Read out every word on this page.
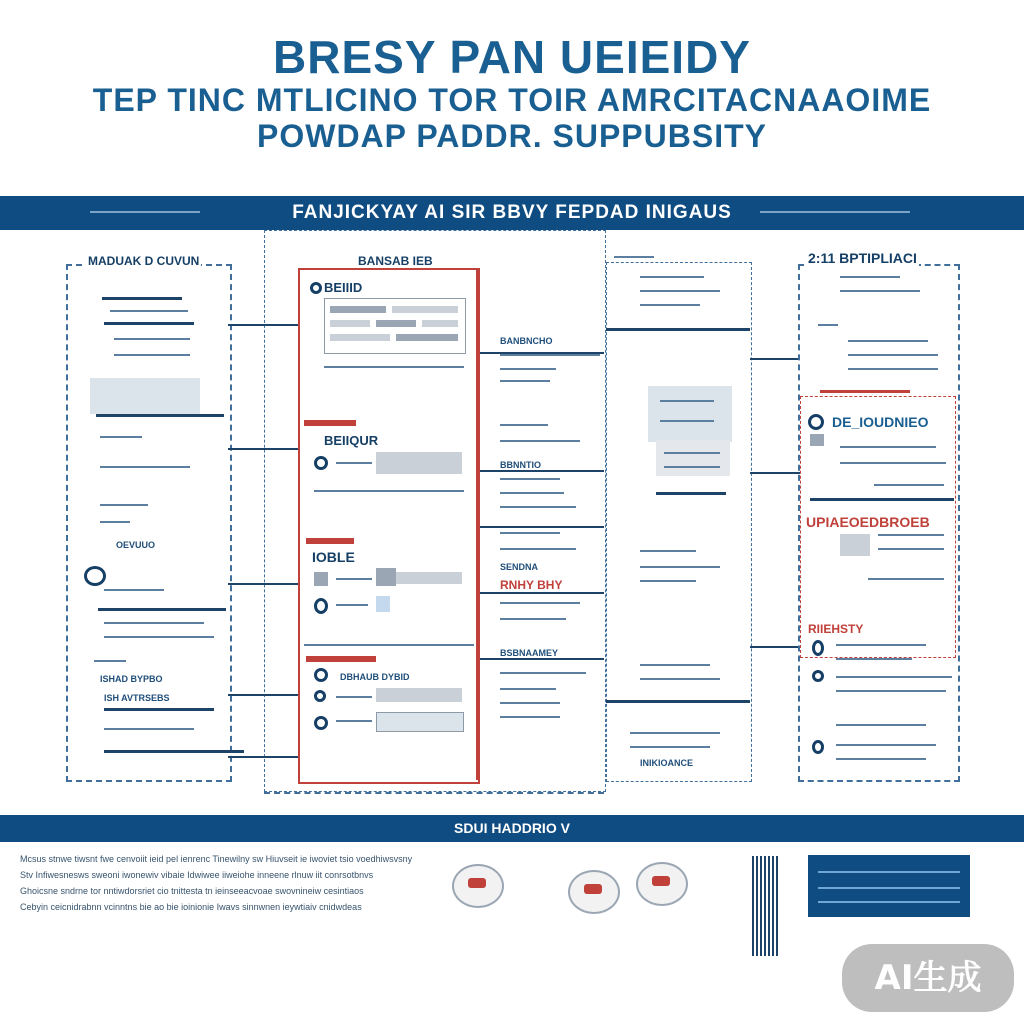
BRESY PAN UEIEIDY
TEP TINC MTLICINO TOR TOIR AMRCITACNAAOIME
POWDAP PADDR. SUPPUBSITY
FANJICKYAY AI SIR BBVY FEPDAD INIGAUS
MADUAK D CUVUN
OEVUUO
ISHAD BYPBO
ISH AVTRSEBS
BANSAB IEB
BEIIID
BEIIQUR
IOBLE
DBHAUB DYBID
BANBNCHO
BBNNTIO
SENDNA
RNHY BHY
BSBNAAMEY
INIKIOANCE
2:11 BPTIPLIACI
DE_IOUDNIEO
UPIAEOEDBROEB
RIIEHSTY
SDUI HADDRIO V
Mcsus stnwe tiwsnt fwe cenvoiit ieid pel ienrenc Tinewilny sw Hiuvseit ie iwoviet tsio voedhiwsvsny
Stv Infiwesnesws sweoni iwonewiv vibaie Idwiwee iiweiohe inneene rlnuw iit conrsotbnvs
Ghoicsne sndrne tor nntiwdorsriet cio tnittesta tn ieinseeacvoae swovnineiw cesintiaos
Cebyin ceicnidrabnn vcinntns bie ao bie ioinionie Iwavs sinnwnen ieywtiaiv cnidwdeas
AI生成
